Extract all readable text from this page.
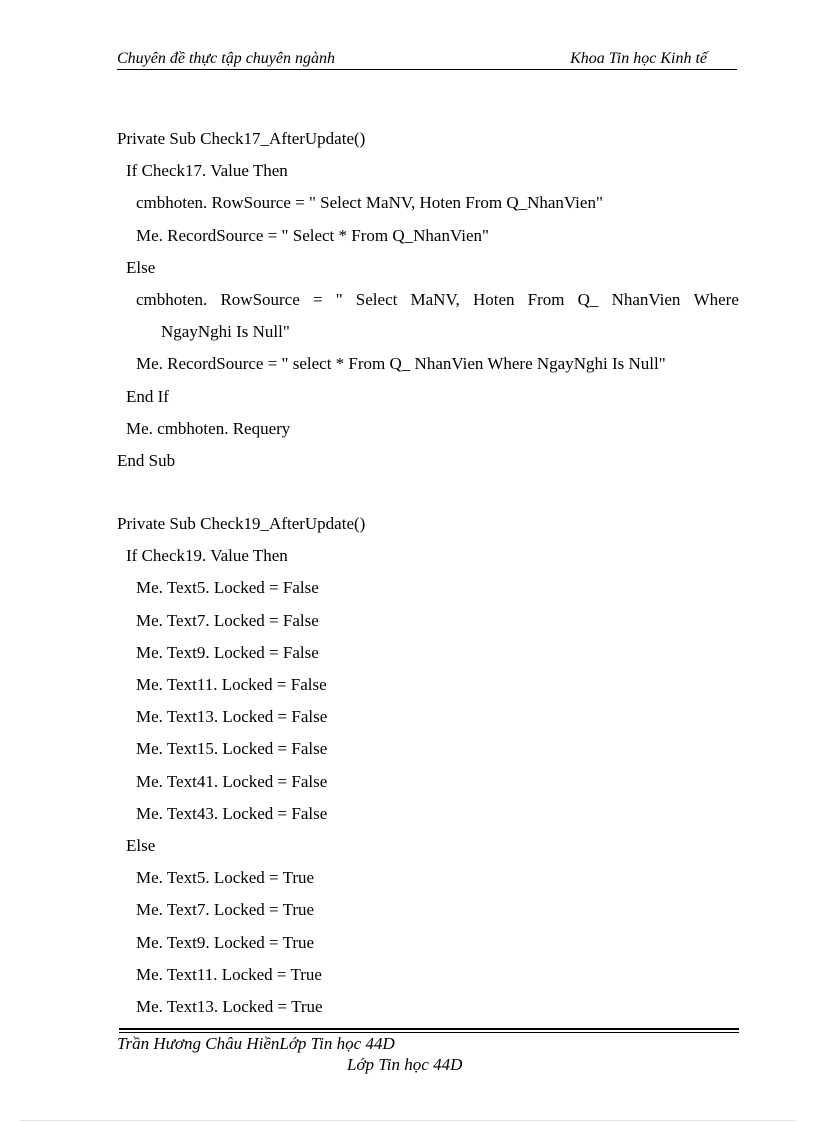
Chuyên đề thực tập chuyên ngành	Khoa Tin học Kinh tế
Private Sub Check17_AfterUpdate()
If Check17. Value Then
cmbhoten. RowSource = " Select MaNV, Hoten From Q_NhanVien"
Me. RecordSource = " Select * From Q_NhanVien"
Else
cmbhoten. RowSource = " Select MaNV, Hoten From Q_ NhanVien Where
NgayNghi Is Null"
Me. RecordSource = " select * From Q_ NhanVien Where NgayNghi Is Null"
End If
Me. cmbhoten. Requery
End Sub
Private Sub Check19_AfterUpdate()
If Check19. Value Then
Me. Text5. Locked = False
Me. Text7. Locked = False
Me. Text9. Locked = False
Me. Text11. Locked = False
Me. Text13. Locked = False
Me. Text15. Locked = False
Me. Text41. Locked = False
Me. Text43. Locked = False
Else
Me. Text5. Locked = True
Me. Text7. Locked = True
Me. Text9. Locked = True
Me. Text11. Locked = True
Me. Text13. Locked = True
Trần Hương Châu HiềnLớp Tin học 44D
Lớp Tin học 44D
